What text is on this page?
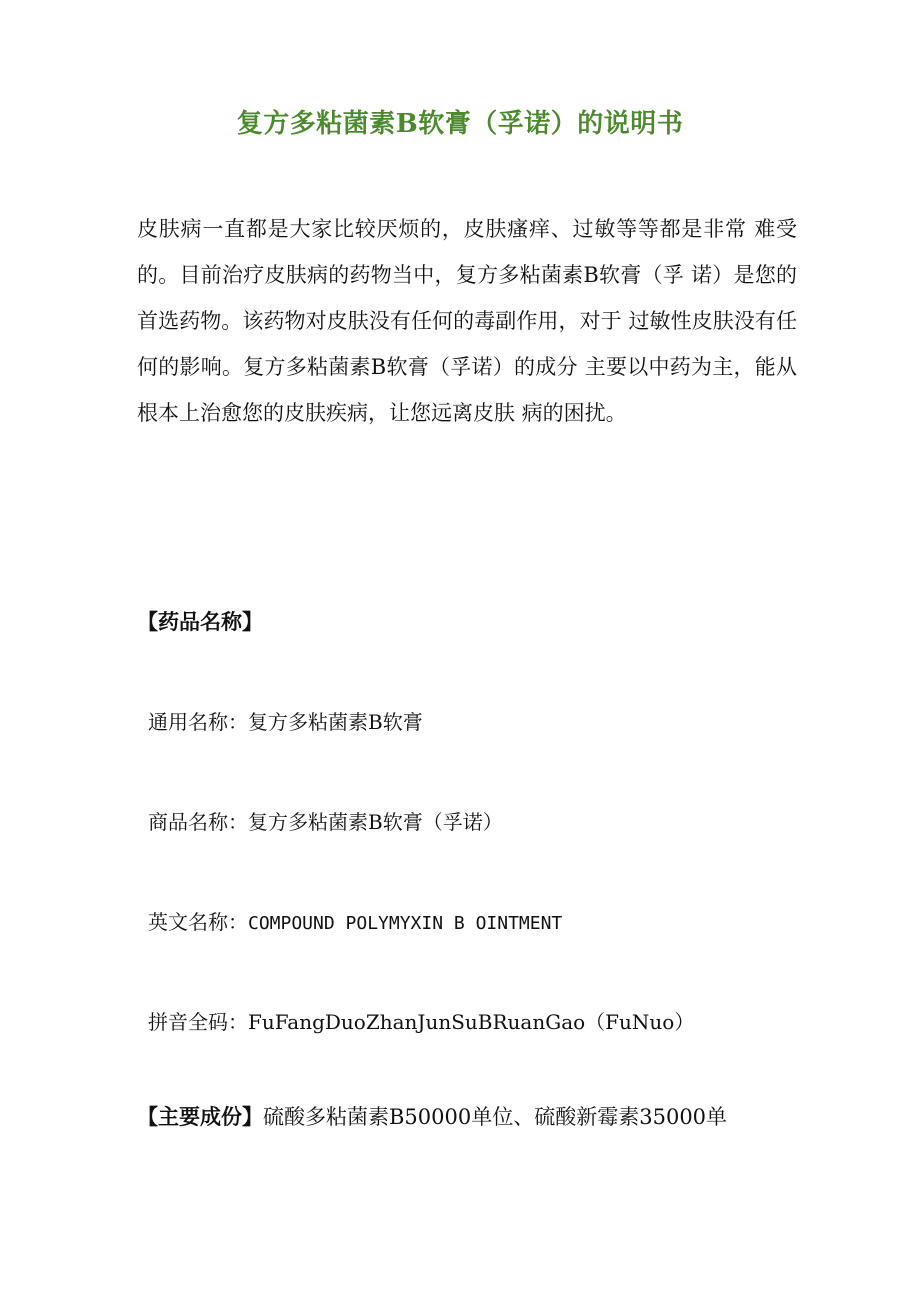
复方多粘菌素B软膏（孚诺）的说明书

皮肤病一直都是大家比较厌烦的，皮肤瘙痒、过敏等等都是非常 难受的。目前治疗皮肤病的药物当中，复方多粘菌素B软膏（孚 诺）是您的首选药物。该药物对皮肤没有任何的毒副作用，对于 过敏性皮肤没有任何的影响。复方多粘菌素B软膏（孚诺）的成分 主要以中药为主，能从根本上治愈您的皮肤疾病，让您远离皮肤 病的困扰。

【药品名称】

通用名称：复方多粘菌素B软膏

商品名称：复方多粘菌素B软膏（孚诺）

英文名称：COMPOUND POLYMYXIN B OINTMENT

拼音全码：FuFangDuoZhanJunSuBRuanGao（FuNuo）

【主要成份】硫酸多粘菌素B50000单位、硫酸新霉素35000单
